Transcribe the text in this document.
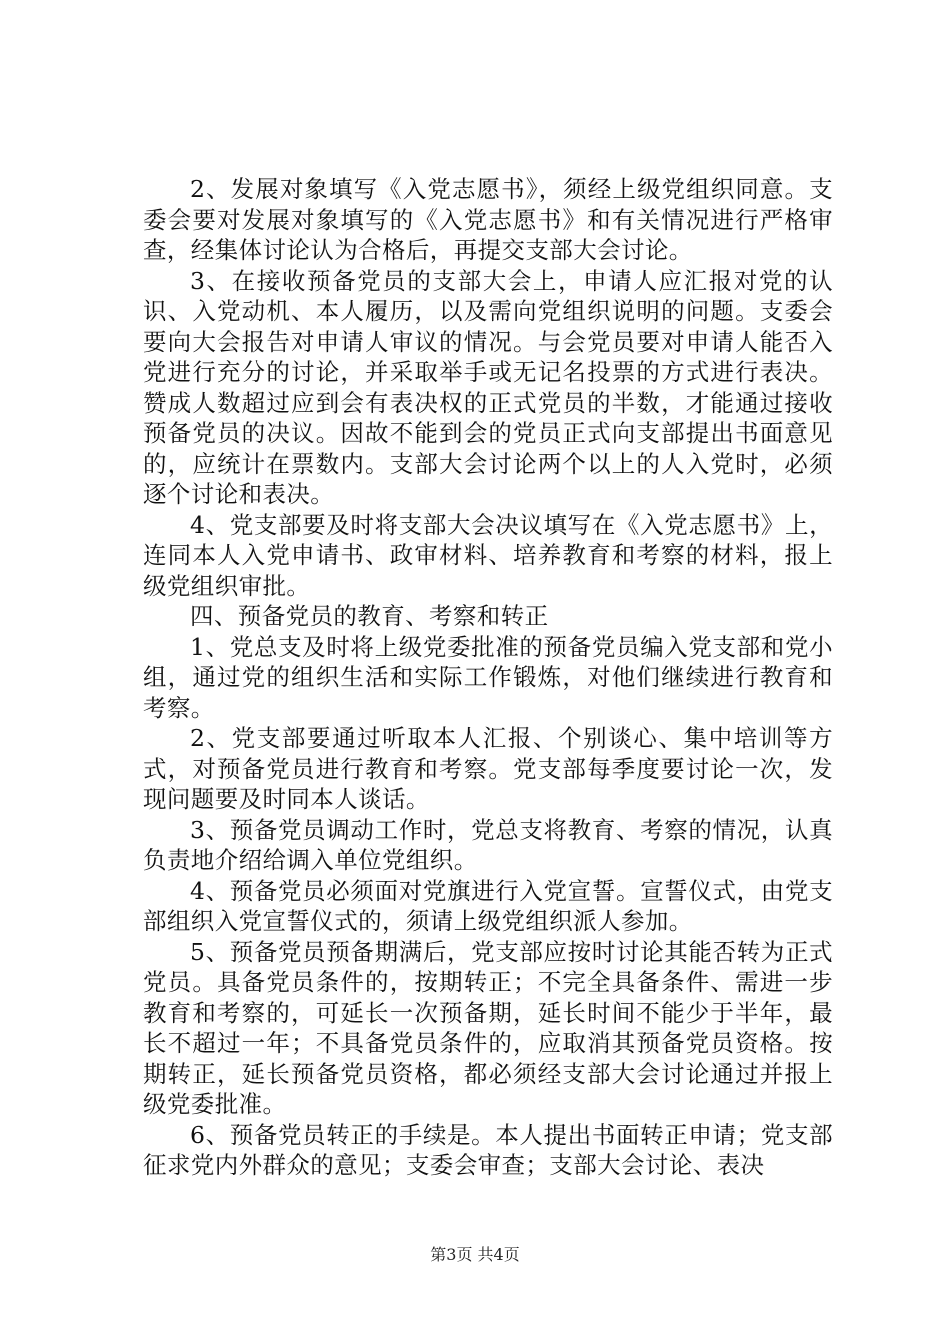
2、发展对象填写《入党志愿书》，须经上级党组织同意。支委会要对发展对象填写的《入党志愿书》和有关情况进行严格审查，经集体讨论认为合格后，再提交支部大会讨论。

3、在接收预备党员的支部大会上，申请人应汇报对党的认识、入党动机、本人履历，以及需向党组织说明的问题。支委会要向大会报告对申请人审议的情况。与会党员要对申请人能否入党进行充分的讨论，并采取举手或无记名投票的方式进行表决。赞成人数超过应到会有表决权的正式党员的半数，才能通过接收预备党员的决议。因故不能到会的党员正式向支部提出书面意见的，应统计在票数内。支部大会讨论两个以上的人入党时，必须逐个讨论和表决。

4、党支部要及时将支部大会决议填写在《入党志愿书》上，连同本人入党申请书、政审材料、培养教育和考察的材料，报上级党组织审批。

四、预备党员的教育、考察和转正

1、党总支及时将上级党委批准的预备党员编入党支部和党小组，通过党的组织生活和实际工作锻炼，对他们继续进行教育和考察。

2、党支部要通过听取本人汇报、个别谈心、集中培训等方式，对预备党员进行教育和考察。党支部每季度要讨论一次，发现问题要及时同本人谈话。

3、预备党员调动工作时，党总支将教育、考察的情况，认真负责地介绍给调入单位党组织。

4、预备党员必须面对党旗进行入党宣誓。宣誓仪式，由党支部组织入党宣誓仪式的，须请上级党组织派人参加。

5、预备党员预备期满后，党支部应按时讨论其能否转为正式党员。具备党员条件的，按期转正；不完全具备条件、需进一步教育和考察的，可延长一次预备期，延长时间不能少于半年，最长不超过一年；不具备党员条件的，应取消其预备党员资格。按期转正，延长预备党员资格，都必须经支部大会讨论通过并报上级党委批准。

6、预备党员转正的手续是。本人提出书面转正申请；党支部征求党内外群众的意见；支委会审查；支部大会讨论、表决

第3页 共4页
